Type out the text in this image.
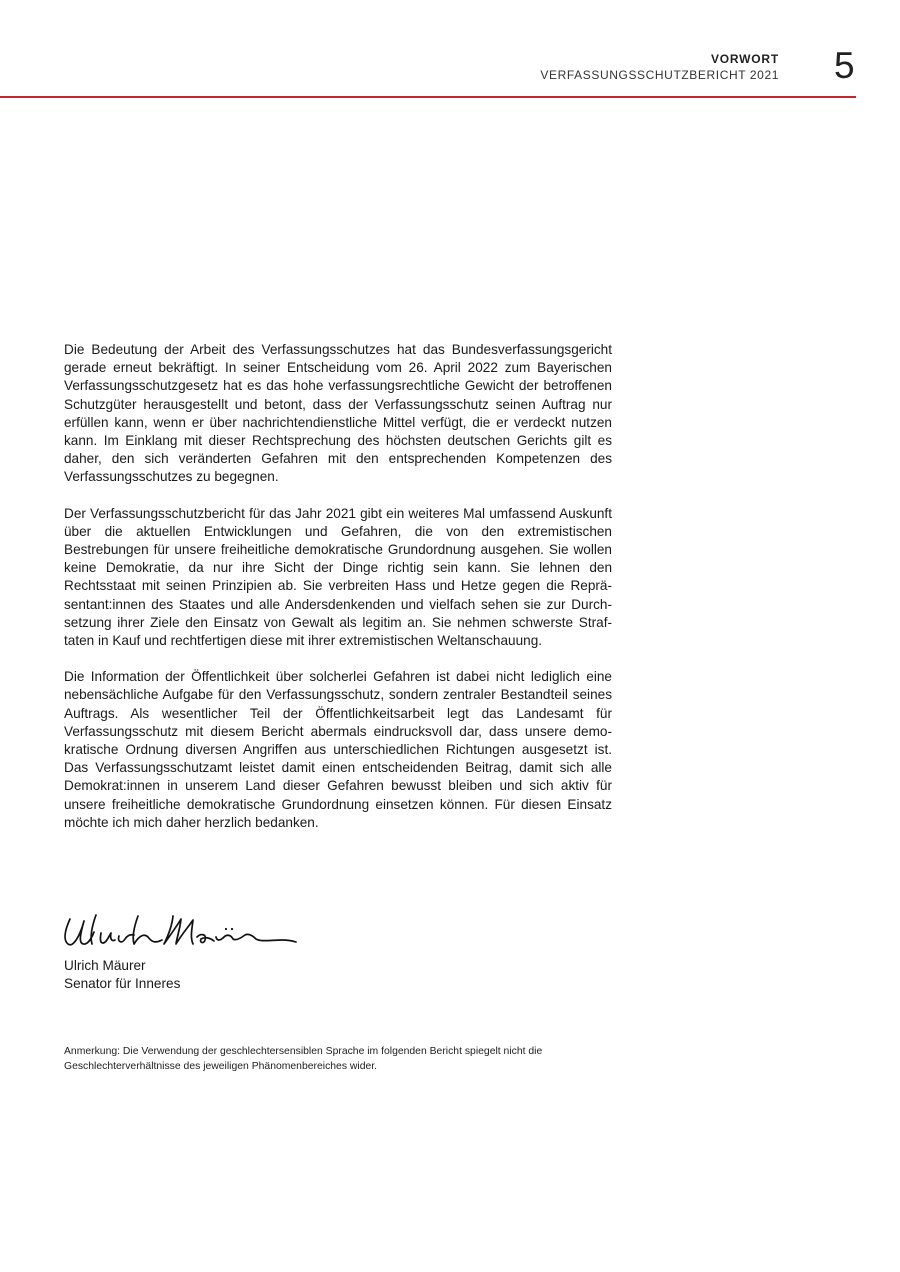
VORWORT
VERFASSUNGSSCHUTZBERICHT 2021 5

Die Bedeutung der Arbeit des Verfassungsschutzes hat das Bundesverfassungsgericht gerade erneut bekräftigt. In seiner Entscheidung vom 26. April 2022 zum Bayerischen Verfassungsschutzgesetz hat es das hohe verfassungsrechtliche Gewicht der betroffenen Schutzgüter herausgestellt und betont, dass der Verfassungsschutz seinen Auftrag nur erfüllen kann, wenn er über nachrichtendienstliche Mittel verfügt, die er verdeckt nutzen kann. Im Einklang mit dieser Rechtsprechung des höchsten deutschen Gerichts gilt es daher, den sich veränderten Gefahren mit den entsprechenden Kompetenzen des Verfassungsschutzes zu begegnen.

Der Verfassungsschutzbericht für das Jahr 2021 gibt ein weiteres Mal umfassend Auskunft über die aktuellen Entwicklungen und Gefahren, die von den extremistischen Bestrebungen für unsere freiheitliche demokratische Grundordnung ausgehen. Sie wollen keine Demokratie, da nur ihre Sicht der Dinge richtig sein kann. Sie lehnen den Rechtsstaat mit seinen Prinzipien ab. Sie verbreiten Hass und Hetze gegen die Repräsentant:innen des Staates und alle Andersdenkenden und vielfach sehen sie zur Durchsetzung ihrer Ziele den Einsatz von Gewalt als legitim an. Sie nehmen schwerste Straftaten in Kauf und rechtfertigen diese mit ihrer extremistischen Weltanschauung.

Die Information der Öffentlichkeit über solcherlei Gefahren ist dabei nicht lediglich eine nebensächliche Aufgabe für den Verfassungsschutz, sondern zentraler Bestandteil seines Auftrags. Als wesentlicher Teil der Öffentlichkeitsarbeit legt das Landesamt für Verfassungsschutz mit diesem Bericht abermals eindrucksvoll dar, dass unsere demokratische Ordnung diversen Angriffen aus unterschiedlichen Richtungen ausgesetzt ist. Das Verfassungsschutzamt leistet damit einen entscheidenden Beitrag, damit sich alle Demokrat:innen in unserem Land dieser Gefahren bewusst bleiben und sich aktiv für unsere freiheitliche demokratische Grundordnung einsetzen können. Für diesen Einsatz möchte ich mich daher herzlich bedanken.

Ulrich Mäurer
Senator für Inneres
Anmerkung: Die Verwendung der geschlechtersensiblen Sprache im folgenden Bericht spiegelt nicht die Geschlechterverhältnisse des jeweiligen Phänomenbereiches wider.
